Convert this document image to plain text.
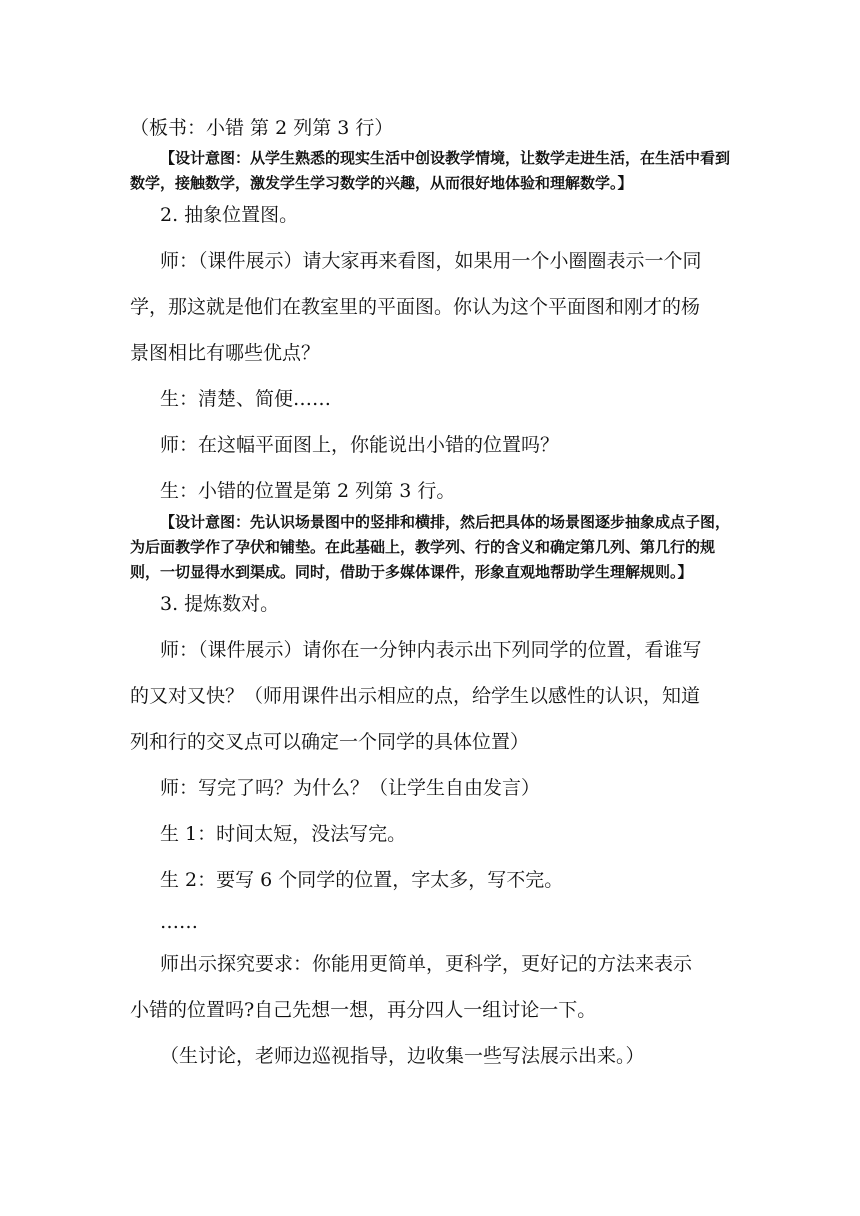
（板书：小错 第 2 列第 3 行）

【设计意图：从学生熟悉的现实生活中创设教学情境，让数学走进生活，在生活中看到

数学，接触数学，激发学生学习数学的兴趣，从而很好地体验和理解数学。】

2. 抽象位置图。

师：（课件展示）请大家再来看图，如果用一个小圈圈表示一个同

学，那这就是他们在教室里的平面图。你认为这个平面图和刚才的杨

景图相比有哪些优点？

生：清楚、简便……

师：在这幅平面图上，你能说出小错的位置吗？

生：小错的位置是第 2 列第 3 行。

【设计意图：先认识场景图中的竖排和横排，然后把具体的场景图逐步抽象成点子图，

为后面教学作了孕伏和铺垫。在此基础上，教学列、行的含义和确定第几列、第几行的规

则，一切显得水到渠成。同时，借助于多媒体课件，形象直观地帮助学生理解规则。】

3. 提炼数对。

师：（课件展示）请你在一分钟内表示出下列同学的位置，看谁写

的又对又快？（师用课件出示相应的点，给学生以感性的认识，知道

列和行的交叉点可以确定一个同学的具体位置）

师：写完了吗？为什么？（让学生自由发言）

生 1：时间太短，没法写完。

生 2：要写 6 个同学的位置，字太多，写不完。

……

师出示探究要求：你能用更简单，更科学，更好记的方法来表示

小错的位置吗?自己先想一想，再分四人一组讨论一下。

（生讨论，老师边巡视指导，边收集一些写法展示出来。）
